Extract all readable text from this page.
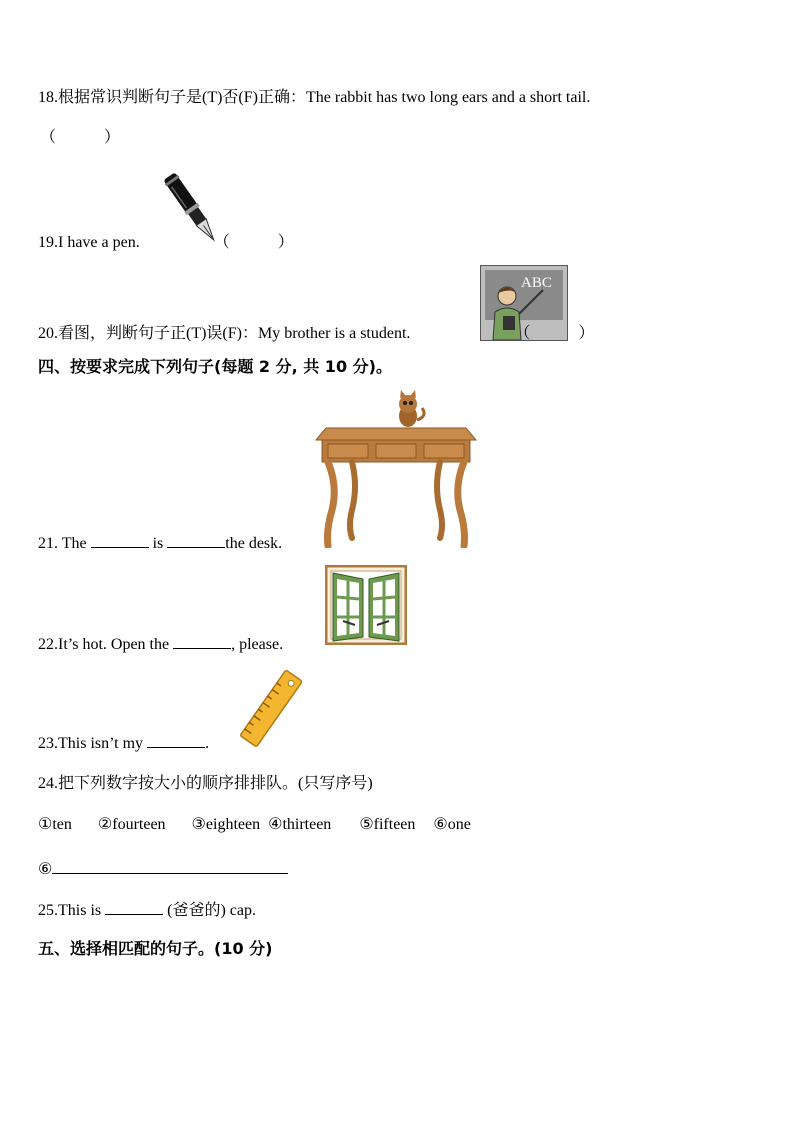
18.根据常识判断句子是(T)否(F)正确：The rabbit has two long ears and a short tail.
（　　　）
19.I have a pen.	（　　　）
ABC
20.看图，判断句子正(T)误(F)：My brother is a student.	（　　　）
四、按要求完成下列句子(每题 2 分, 共 10 分)。
21. The	is	the desk.
22.It’s hot. Open the	, please.
23.This isn’t my	.
24.把下列数字按大小的顺序排排队。(只写序号)
①ten ②fourteen ③eighteen ④thirteen ⑤fifteen ⑥one
⑥
25.This is	(爸爸的) cap.
五、选择相匹配的句子。(10 分)
